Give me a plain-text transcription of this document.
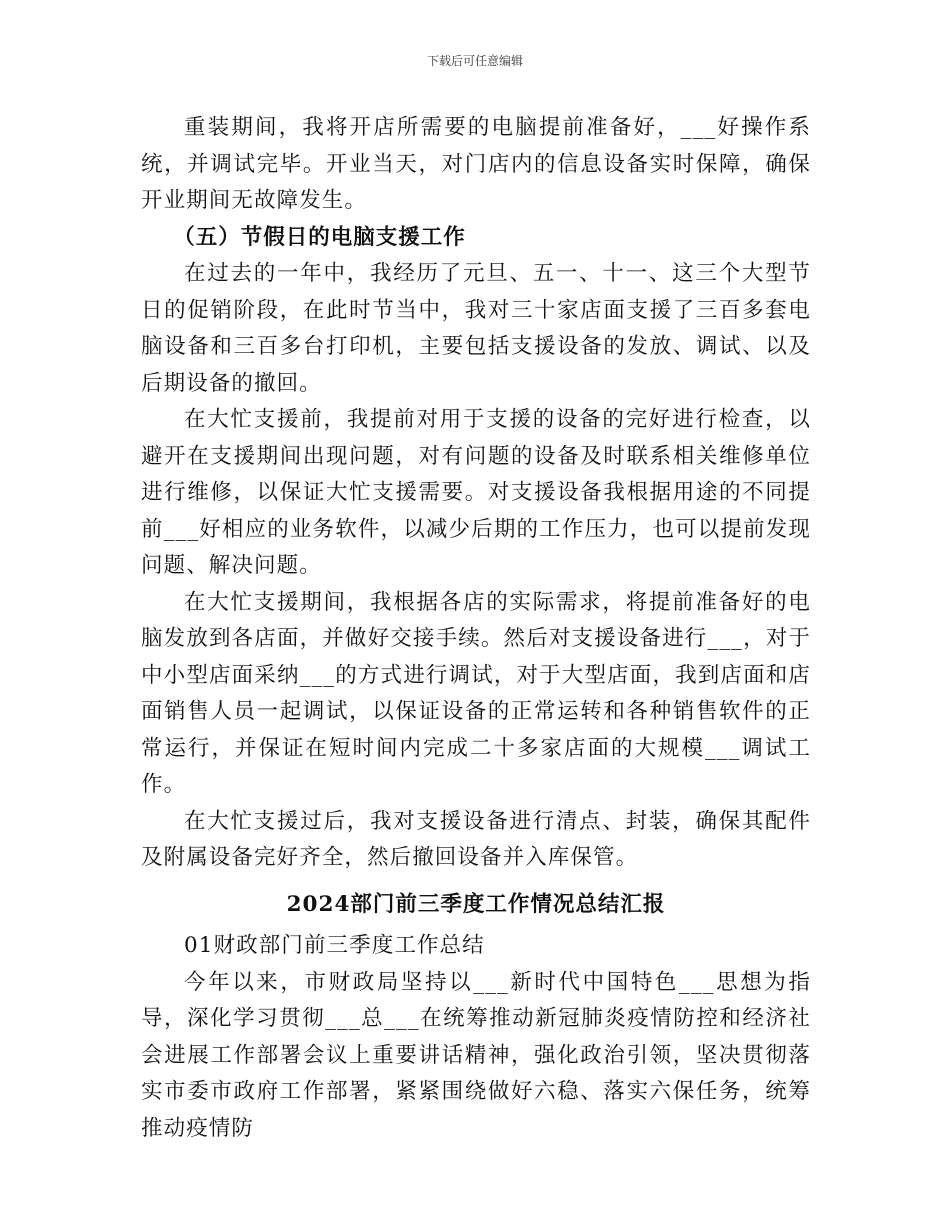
下载后可任意编辑

重装期间，我将开店所需要的电脑提前准备好，___好操作系统，并调试完毕。开业当天，对门店内的信息设备实时保障，确保开业期间无故障发生。

（五）节假日的电脑支援工作

在过去的一年中，我经历了元旦、五一、十一、这三个大型节日的促销阶段，在此时节当中，我对三十家店面支援了三百多套电脑设备和三百多台打印机，主要包括支援设备的发放、调试、以及后期设备的撤回。

在大忙支援前，我提前对用于支援的设备的完好进行检查，以避开在支援期间出现问题，对有问题的设备及时联系相关维修单位进行维修，以保证大忙支援需要。对支援设备我根据用途的不同提前___好相应的业务软件，以减少后期的工作压力，也可以提前发现问题、解决问题。

在大忙支援期间，我根据各店的实际需求，将提前准备好的电脑发放到各店面，并做好交接手续。然后对支援设备进行___，对于中小型店面采纳___的方式进行调试，对于大型店面，我到店面和店面销售人员一起调试，以保证设备的正常运转和各种销售软件的正常运行，并保证在短时间内完成二十多家店面的大规模___调试工作。

在大忙支援过后，我对支援设备进行清点、封装，确保其配件及附属设备完好齐全，然后撤回设备并入库保管。

2024部门前三季度工作情况总结汇报

01财政部门前三季度工作总结

今年以来，市财政局坚持以___新时代中国特色___思想为指导，深化学习贯彻___总___在统筹推动新冠肺炎疫情防控和经济社会进展工作部署会议上重要讲话精神，强化政治引领，坚决贯彻落实市委市政府工作部署，紧紧围绕做好六稳、落实六保任务，统筹推动疫情防
